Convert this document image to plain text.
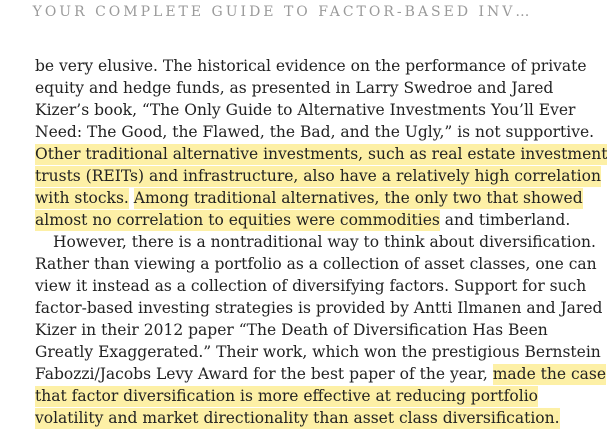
YOUR COMPLETE GUIDE TO FACTOR-BASED INV…
be very elusive. The historical evidence on the performance of private
equity and hedge funds, as presented in Larry Swedroe and Jared
Kizer’s book, “The Only Guide to Alternative Investments You’ll Ever
Need: The Good, the Flawed, the Bad, and the Ugly,” is not supportive.
Other traditional alternative investments, such as real estate investment
trusts (REITs) and infrastructure, also have a relatively high correlation
with stocks. Among traditional alternatives, the only two that showed
almost no correlation to equities were commodities and timberland.
However, there is a nontraditional way to think about diversification.
Rather than viewing a portfolio as a collection of asset classes, one can
view it instead as a collection of diversifying factors. Support for such
factor-based investing strategies is provided by Antti Ilmanen and Jared
Kizer in their 2012 paper “The Death of Diversification Has Been
Greatly Exaggerated.” Their work, which won the prestigious Bernstein
Fabozzi/Jacobs Levy Award for the best paper of the year, made the case
that factor diversification is more effective at reducing portfolio
volatility and market directionality than asset class diversification.
